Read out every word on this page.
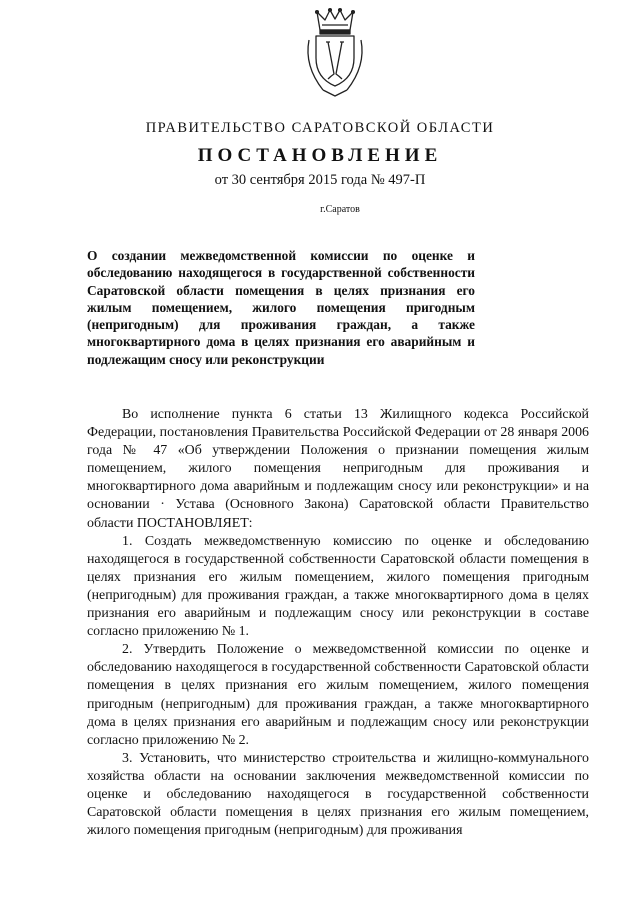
ПРАВИТЕЛЬСТВО САРАТОВСКОЙ ОБЛАСТИ
ПОСТАНОВЛЕНИЕ
от 30 сентября 2015 года № 497-П
г.Саратов

О создании межведомственной комиссии по оценке и обследованию находящегося в государственной собственности Саратовской области помещения в целях признания его жилым помещением, жилого помещения пригодным (непригодным) для проживания граждан, а также многоквартирного дома в целях признания его аварийным и подлежащим сносу или реконструкции

Во исполнение пункта 6 статьи 13 Жилищного кодекса Российской Федерации, постановления Правительства Российской Федерации от 28 января 2006 года № 47 «Об утверждении Положения о признании помещения жилым помещением, жилого помещения непригодным для проживания и многоквартирного дома аварийным и подлежащим сносу или реконструкции» и на основании · Устава (Основного Закона) Саратовской области Правительство области ПОСТАНОВЛЯЕТ:

1. Создать межведомственную комиссию по оценке и обследованию находящегося в государственной собственности Саратовской области помещения в целях признания его жилым помещением, жилого помещения пригодным (непригодным) для проживания граждан, а также многоквартирного дома в целях признания его аварийным и подлежащим сносу или реконструкции в составе согласно приложению № 1.

2. Утвердить Положение о межведомственной комиссии по оценке и обследованию находящегося в государственной собственности Саратовской области помещения в целях признания его жилым помещением, жилого помещения пригодным (непригодным) для проживания граждан, а также многоквартирного дома в целях признания его аварийным и подлежащим сносу или реконструкции согласно приложению № 2.

3. Установить, что министерство строительства и жилищно-коммунального хозяйства области на основании заключения межведомственной комиссии по оценке и обследованию находящегося в государственной собственности Саратовской области помещения в целях признания его жилым помещением, жилого помещения пригодным (непригодным) для проживания
